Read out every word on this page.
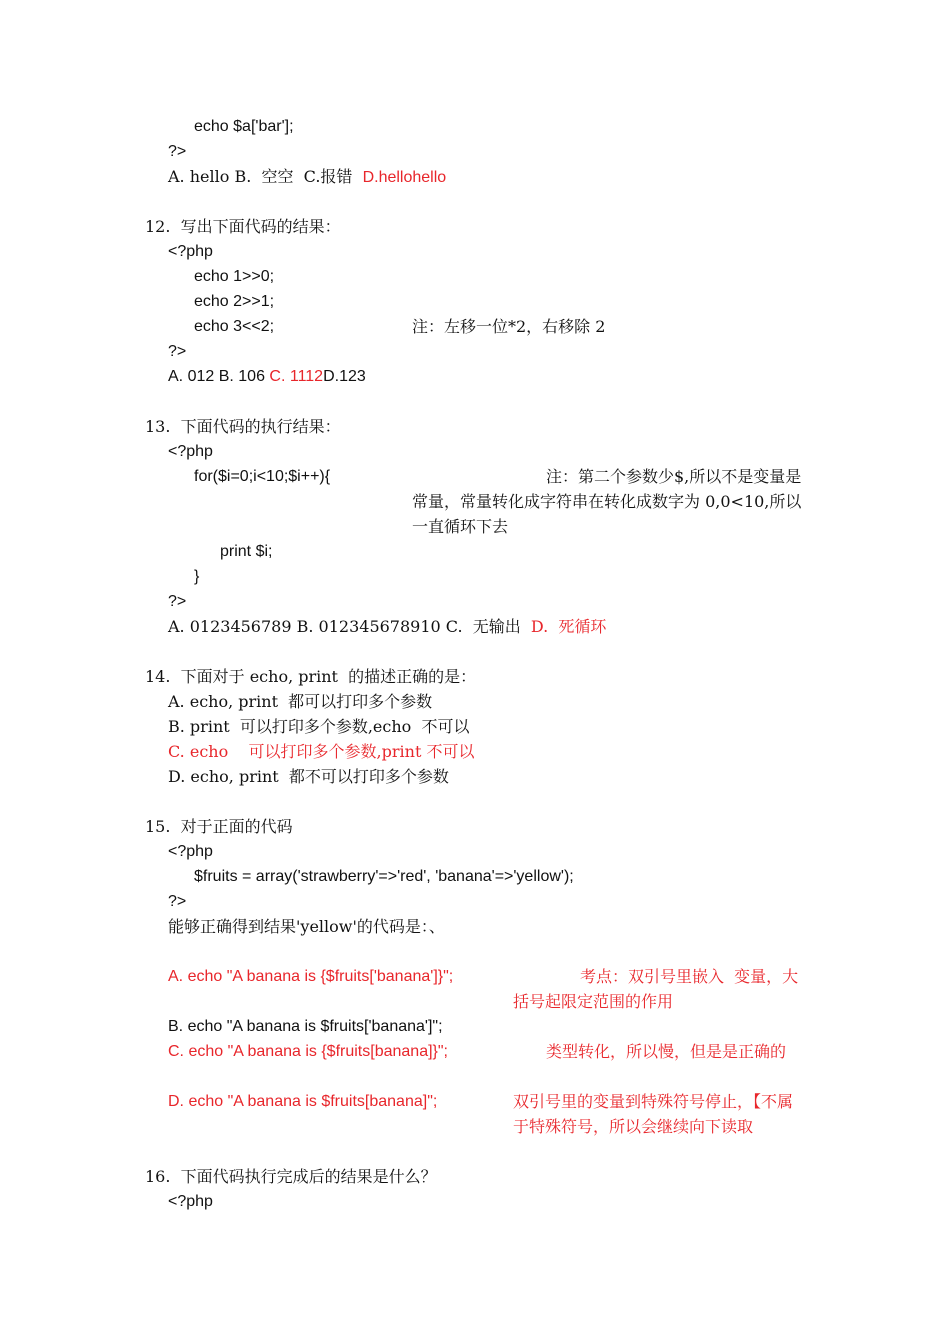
echo $a['bar'];
?>
A. hello B.  空空  C.报错  D.hellohello
12.  写出下面代码的结果：
<?php
echo 1>>0;
echo 2>>1;
echo 3<<2;	注：左移一位*2，右移除 2
?>
A. 012 B. 106 C. 1112D.123
13.  下面代码的执行结果：
<?php
for($i=0;i<10;$i++){	注：第二个参数少$,所以不是变量是
常量，常量转化成字符串在转化成数字为 0,0<10,所以
一直循环下去
print $i;
}
?>
A. 0123456789 B. 012345678910 C.  无输出  D.  死循环
14.  下面对于 echo, print  的描述正确的是：
A. echo, print  都可以打印多个参数
B. print  可以打印多个参数,echo  不可以
C. echo    可以打印多个参数,print 不可以
D. echo, print  都不可以打印多个参数
15.  对于正面的代码
<?php
$fruits = array('strawberry'=>'red', 'banana'=>'yellow');
?>
能够正确得到结果'yellow'的代码是：、
A. echo "A banana is {$fruits['banana']}";	考点：双引号里嵌入  变量，大
括号起限定范围的作用
B. echo "A banana is $fruits['banana']";
C. echo "A banana is {$fruits[banana]}";	类型转化，所以慢，但是是正确的
D. echo "A banana is $fruits[banana]";	双引号里的变量到特殊符号停止，【不属
于特殊符号，所以会继续向下读取
16.  下面代码执行完成后的结果是什么？
<?php
